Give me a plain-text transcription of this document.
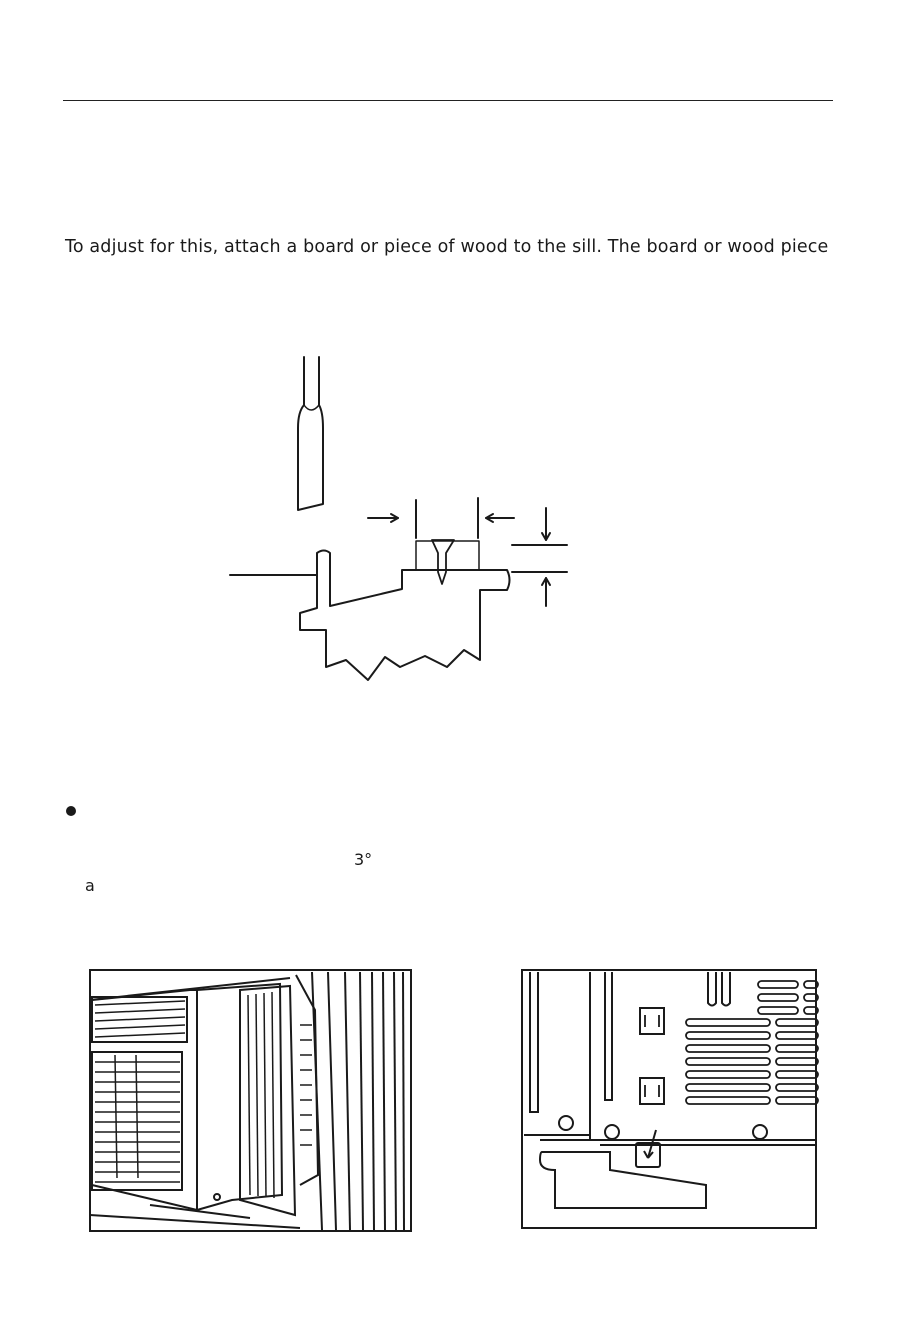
To adjust for this, attach a board or piece of wood to the sill. The board or wood piece
3°
a
